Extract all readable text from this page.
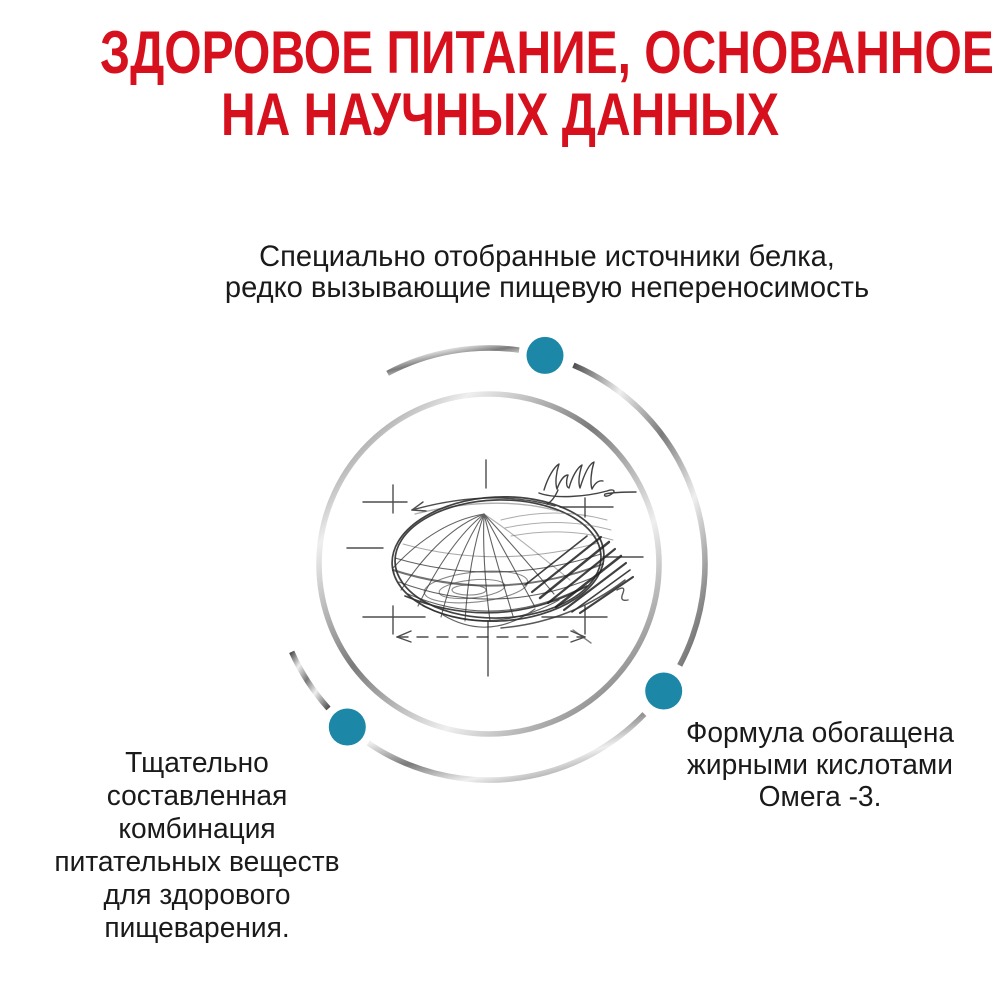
ЗДОРОВОЕ ПИТАНИЕ, ОСНОВАННОЕ
НА НАУЧНЫХ ДАННЫХ
Специально отобранные источники белка,
редко вызывающие пищевую непереносимость
Тщательно
составленная
комбинация
питательных веществ
для здорового
пищеварения.
Формула обогащена
жирными кислотами
Омега -3.
